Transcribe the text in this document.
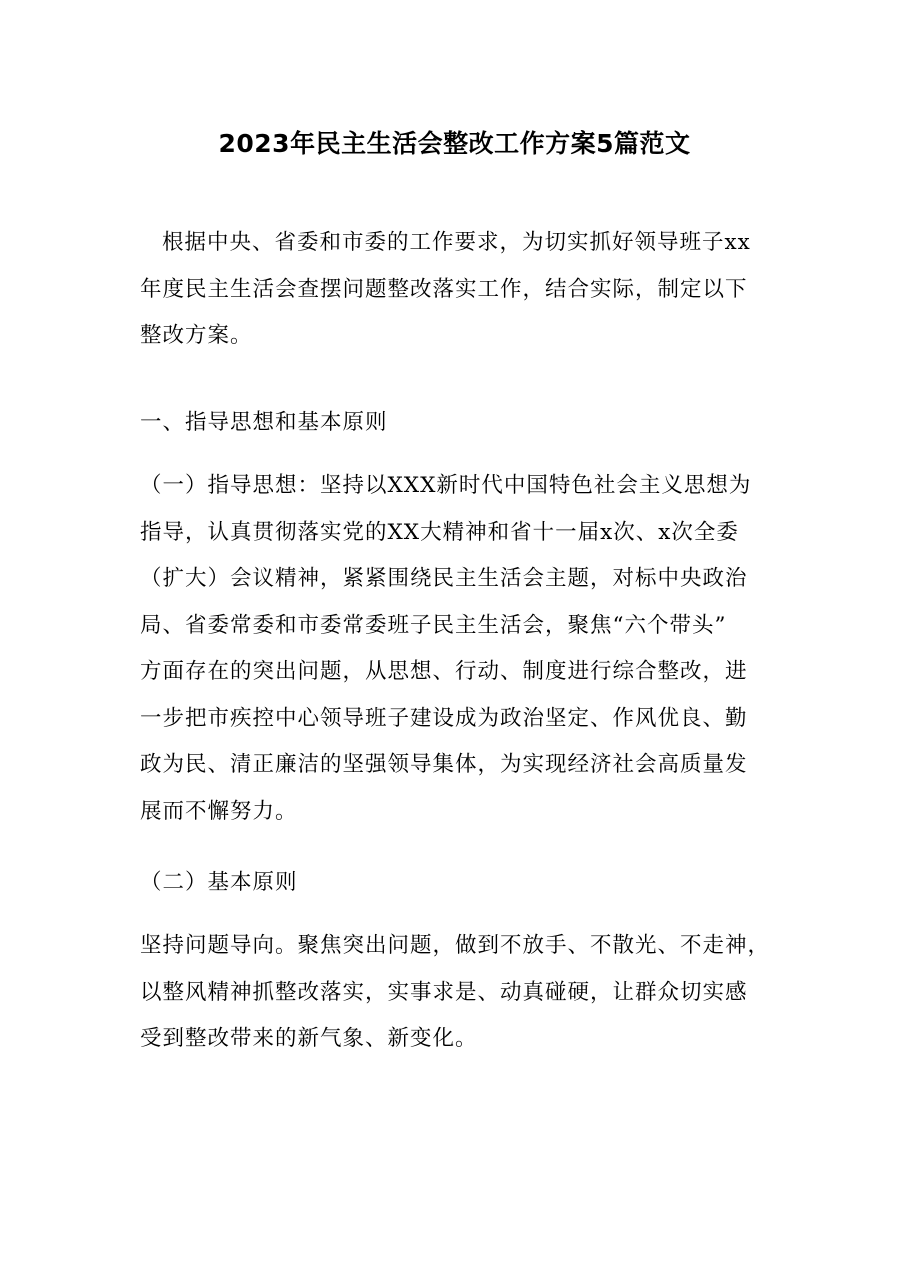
2023年民主生活会整改工作方案5篇范文
根据中央、省委和市委的工作要求，为切实抓好领导班子xx
年度民主生活会查摆问题整改落实工作，结合实际，制定以下
整改方案。
一、指导思想和基本原则
（一）指导思想：坚持以XXX新时代中国特色社会主义思想为
指导，认真贯彻落实党的XX大精神和省十一届x次、x次全委
（扩大）会议精神，紧紧围绕民主生活会主题，对标中央政治
局、省委常委和市委常委班子民主生活会，聚焦“六个带头”
方面存在的突出问题，从思想、行动、制度进行综合整改，进
一步把市疾控中心领导班子建设成为政治坚定、作风优良、勤
政为民、清正廉洁的坚强领导集体，为实现经济社会高质量发
展而不懈努力。
（二）基本原则
坚持问题导向。聚焦突出问题，做到不放手、不散光、不走神，
以整风精神抓整改落实，实事求是、动真碰硬，让群众切实感
受到整改带来的新气象、新变化。
